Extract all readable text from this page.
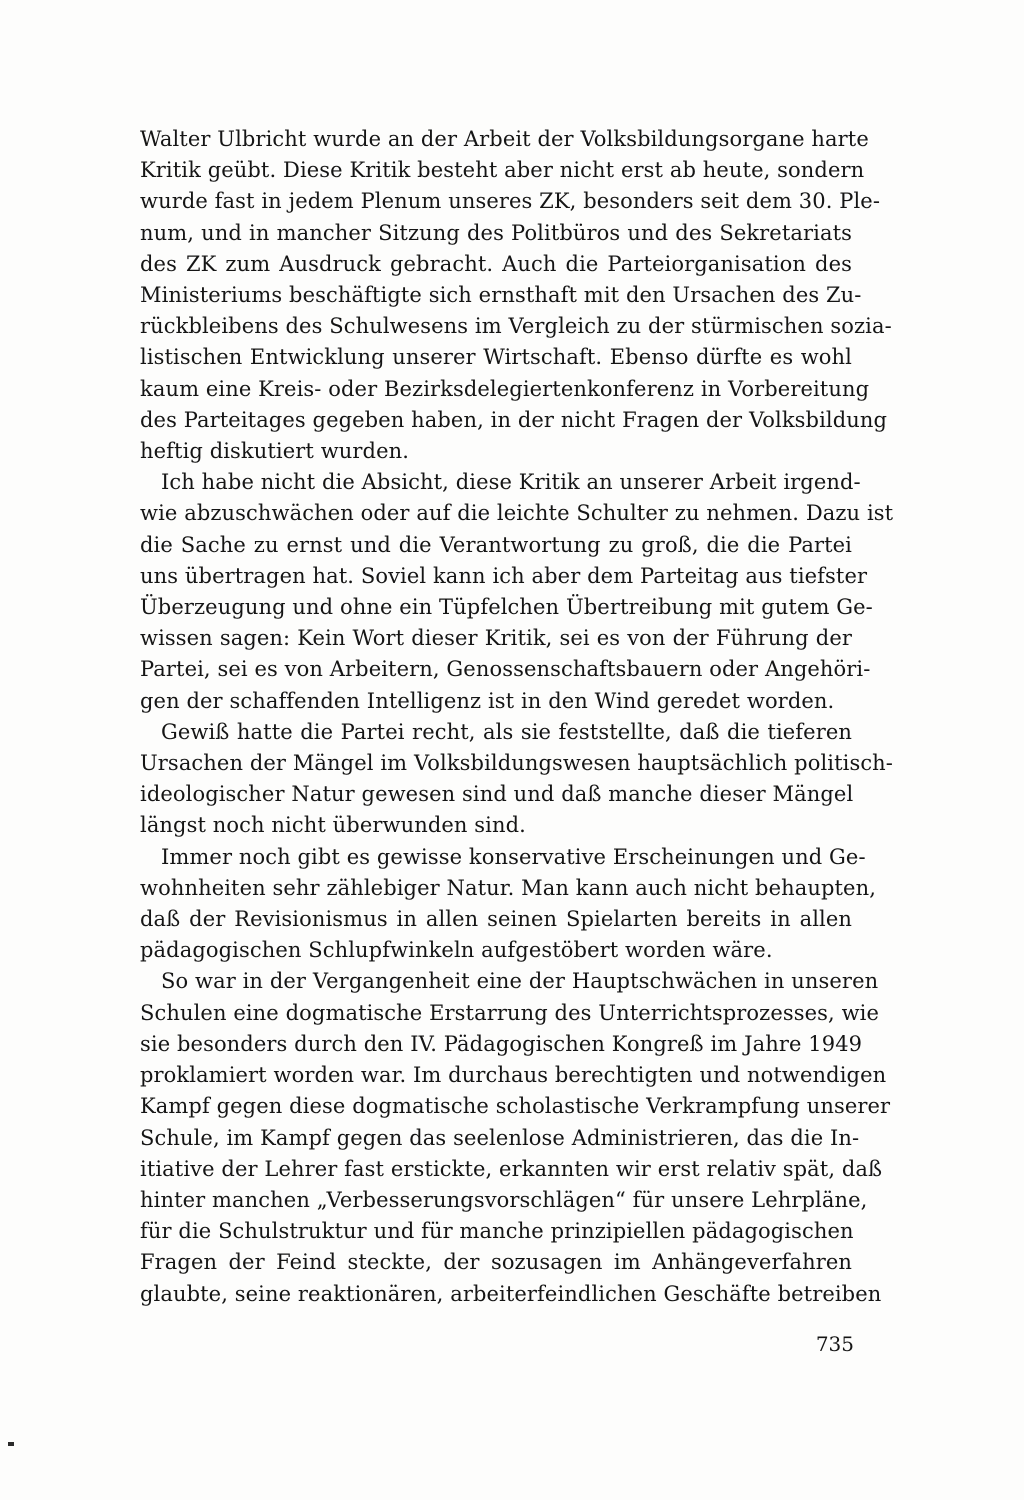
Walter Ulbricht wurde an der Arbeit der Volksbildungsorgane harte
Kritik geübt. Diese Kritik besteht aber nicht erst ab heute, sondern
wurde fast in jedem Plenum unseres ZK, besonders seit dem 30. Ple-
num, und in mancher Sitzung des Politbüros und des Sekretariats
des ZK zum Ausdruck gebracht. Auch die Parteiorganisation des
Ministeriums beschäftigte sich ernsthaft mit den Ursachen des Zu-
rückbleibens des Schulwesens im Vergleich zu der stürmischen sozia-
listischen Entwicklung unserer Wirtschaft. Ebenso dürfte es wohl
kaum eine Kreis- oder Bezirksdelegiertenkonferenz in Vorbereitung
des Parteitages gegeben haben, in der nicht Fragen der Volksbildung
heftig diskutiert wurden.
Ich habe nicht die Absicht, diese Kritik an unserer Arbeit irgend-
wie abzuschwächen oder auf die leichte Schulter zu nehmen. Dazu ist
die Sache zu ernst und die Verantwortung zu groß, die die Partei
uns übertragen hat. Soviel kann ich aber dem Parteitag aus tiefster
Überzeugung und ohne ein Tüpfelchen Übertreibung mit gutem Ge-
wissen sagen: Kein Wort dieser Kritik, sei es von der Führung der
Partei, sei es von Arbeitern, Genossenschaftsbauern oder Angehöri-
gen der schaffenden Intelligenz ist in den Wind geredet worden.
Gewiß hatte die Partei recht, als sie feststellte, daß die tieferen
Ursachen der Mängel im Volksbildungswesen hauptsächlich politisch-
ideologischer Natur gewesen sind und daß manche dieser Mängel
längst noch nicht überwunden sind.
Immer noch gibt es gewisse konservative Erscheinungen und Ge-
wohnheiten sehr zählebiger Natur. Man kann auch nicht behaupten,
daß der Revisionismus in allen seinen Spielarten bereits in allen
pädagogischen Schlupfwinkeln aufgestöbert worden wäre.
So war in der Vergangenheit eine der Hauptschwächen in unseren
Schulen eine dogmatische Erstarrung des Unterrichtsprozesses, wie
sie besonders durch den IV. Pädagogischen Kongreß im Jahre 1949
proklamiert worden war. Im durchaus berechtigten und notwendigen
Kampf gegen diese dogmatische scholastische Verkrampfung unserer
Schule, im Kampf gegen das seelenlose Administrieren, das die In-
itiative der Lehrer fast erstickte, erkannten wir erst relativ spät, daß
hinter manchen „Verbesserungsvorschlägen“ für unsere Lehrpläne,
für die Schulstruktur und für manche prinzipiellen pädagogischen
Fragen der Feind steckte, der sozusagen im Anhängeverfahren
glaubte, seine reaktionären, arbeiterfeindlichen Geschäfte betreiben
735
